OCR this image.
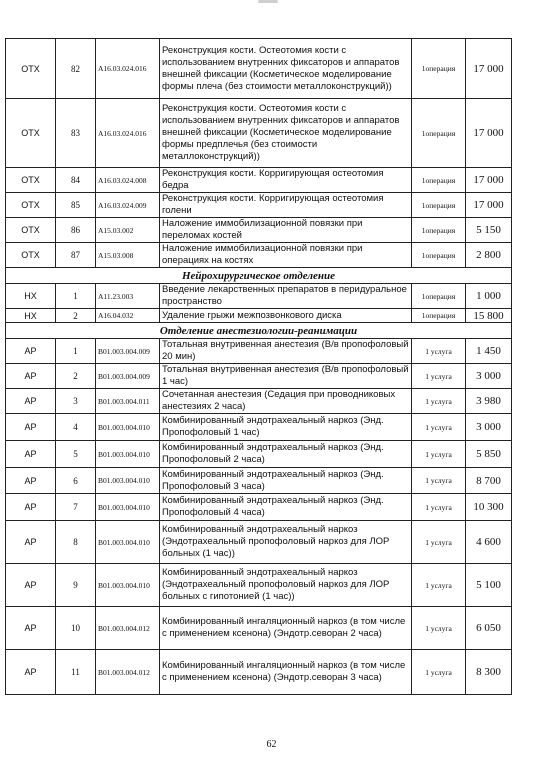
ОТХ	82	A16.03.024.016	Реконструкция кости. Остеотомия кости с использованием внутренних фиксаторов и аппаратов внешней фиксации (Косметическое моделирование формы плеча (без стоимости металлоконструкций))	1операция	17 000
ОТХ	83	A16.03.024.016	Реконструкция кости. Остеотомия кости с использованием внутренних фиксаторов и аппаратов внешней фиксации (Косметическое моделирование формы предплечья (без стоимости металлоконструкций))	1операция	17 000
ОТХ	84	A16.03.024.008	Реконструкция кости. Корригирующая остеотомия бедра	1операция	17 000
ОТХ	85	A16.03.024.009	Реконструкция кости. Корригирующая остеотомия голени	1операция	17 000
ОТХ	86	A15.03.002	Наложение иммобилизационной повязки при переломах костей	1операция	5 150
ОТХ	87	A15.03.008	Наложение иммобилизационной повязки при операциях на костях	1операция	2 800
Нейрохирургическое отделение					
НХ	1	A11.23.003	Введение лекарственных препаратов в перидуральное пространство	1операция	1 000
НХ	2	A16.04.032	Удаление грыжи межпозвонкового диска	1операция	15 800
Отделение анестезиологии-реанимации					
АР	1	B01.003.004.009	Тотальная внутривенная анестезия (В/в пропофоловый 20 мин)	1 услуга	1 450
АР	2	B01.003.004.009	Тотальная внутривенная анестезия (В/в пропофоловый 1 час)	1 услуга	3 000
АР	3	B01.003.004.011	Сочетанная анестезия (Седация при проводниковых анестезиях 2 часа)	1 услуга	3 980
АР	4	B01.003.004.010	Комбинированный эндотрахеальный наркоз (Энд. Пропофоловый 1 час)	1 услуга	3 000
АР	5	B01.003.004.010	Комбинированный эндотрахеальный наркоз (Энд. Пропофоловый 2 часа)	1 услуга	5 850
АР	6	B01.003.004.010	Комбинированный эндотрахеальный наркоз (Энд. Пропофоловый 3 часа)	1 услуга	8 700
АР	7	B01.003.004.010	Комбинированный эндотрахеальный наркоз (Энд. Пропофоловый 4 часа)	1 услуга	10 300
АР	8	B01.003.004.010	Комбинированный эндотрахеальный наркоз (Эндотрахеальный пропофоловый наркоз для ЛОР больных (1 час))	1 услуга	4 600
АР	9	B01.003.004.010	Комбинированный эндотрахеальный наркоз (Эндотрахеальный пропофоловый наркоз для ЛОР больных с гипотонией (1 час))	1 услуга	5 100
АР	10	B01.003.004.012	Комбинированный ингаляционный наркоз (в том числе с применением ксенона) (Эндотр.севоран 2 часа)	1 услуга	6 050
АР	11	B01.003.004.012	Комбинированный ингаляционный наркоз (в том числе с применением ксенона) (Эндотр.севоран 3 часа)	1 услуга	8 300
62
